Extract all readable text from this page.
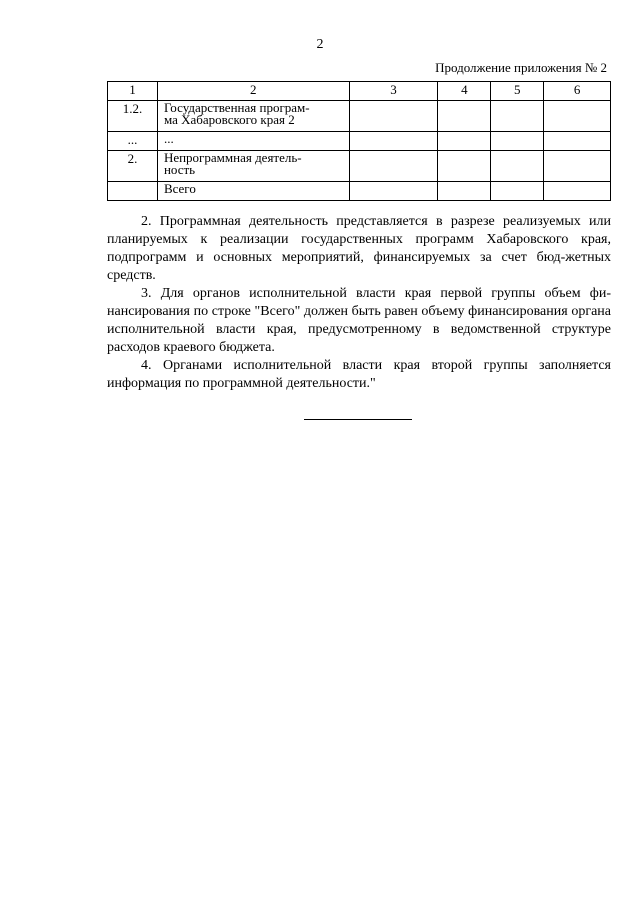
2
Продолжение приложения № 2
1	2	3	4	5	6
1.2.	Государственная програм-
ма Хабаровского края 2				
...	...				
2.	Непрограммная деятель-
ность				
	Всего				

2. Программная деятельность представляется в разрезе реализуемых или планируемых к реализации государственных программ Хабаровского края, подпрограмм и основных мероприятий, финансируемых за счет бюд-жетных средств.

3. Для органов исполнительной власти края первой группы объем фи-нансирования по строке "Всего" должен быть равен объему финансирования органа исполнительной власти края, предусмотренному в ведомственной структуре расходов краевого бюджета.

4. Органами исполнительной власти края второй группы заполняется информация по программной деятельности."
